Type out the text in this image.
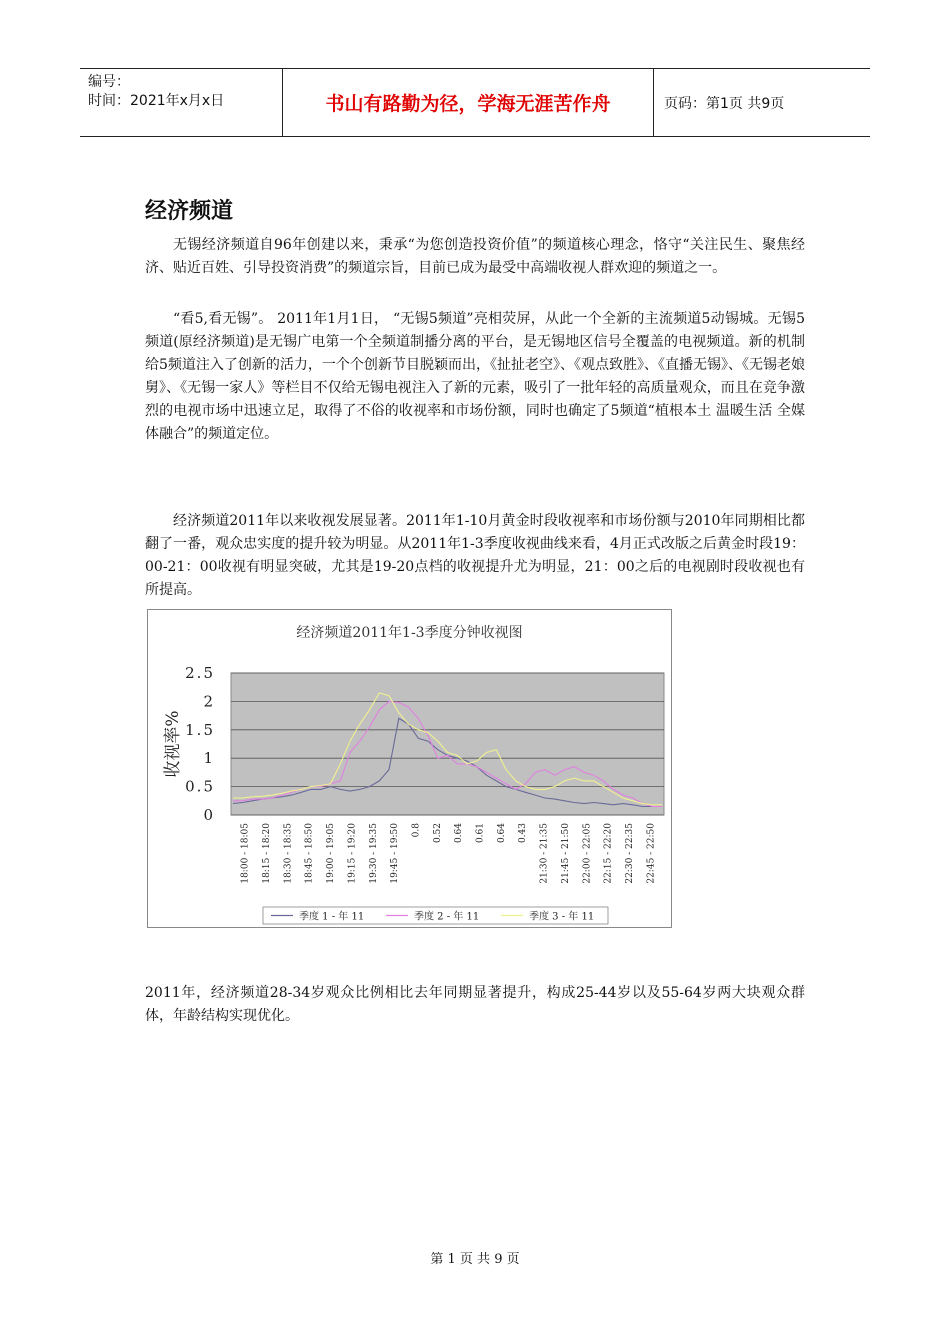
编号：
时间：2021年x月x日	书山有路勤为径，学海无涯苦作舟	页码：第1页 共9页
经济频道

无锡经济频道自96年创建以来，秉承“为您创造投资价值”的频道核心理念，恪守“关注民生、聚焦经济、贴近百姓、引导投资消费”的频道宗旨，目前已成为最受中高端收视人群欢迎的频道之一。

“看5,看无锡”。 2011年1月1日， “无锡5频道”亮相荧屏，从此一个全新的主流频道5动锡城。无锡5频道(原经济频道)是无锡广电第一个全频道制播分离的平台，是无锡地区信号全覆盖的电视频道。新的机制给5频道注入了创新的活力，一个个创新节目脱颖而出，《扯扯老空》、《观点致胜》、《直播无锡》、《无锡老娘舅》、《无锡一家人》等栏目不仅给无锡电视注入了新的元素，吸引了一批年轻的高质量观众，而且在竞争激烈的电视市场中迅速立足，取得了不俗的收视率和市场份额，同时也确定了5频道“植根本土 温暖生活 全媒体融合”的频道定位。

经济频道2011年以来收视发展显著。2011年1-10月黄金时段收视率和市场份额与2010年同期相比都翻了一番，观众忠实度的提升较为明显。从2011年1-3季度收视曲线来看，4月正式改版之后黄金时段19：00-21：00收视有明显突破，尤其是19-20点档的收视提升尤为明显，21：00之后的电视剧时段收视也有所提高。

经济频道2011年1-3季度分钟收视图
0
0.5
1
1.5
2
2.5
收视率%
18:00 - 18:05 18:15 - 18:20 18:30 - 18:35 18:45 - 18:50 19:00 - 19:05 19:15 - 19:20 19:30 - 19:35 19:45 - 19:50 0.8 0.52 0.64 0.61 0.64 0.43 21:30 - 21:35 21:45 - 21:50 22:00 - 22:05 22:15 - 22:20 22:30 - 22:35 22:45 - 22:50
季度 1 - 年 11	季度 2 - 年 11	季度 3 - 年 11

2011年，经济频道28-34岁观众比例相比去年同期显著提升，构成25-44岁以及55-64岁两大块观众群体，年龄结构实现优化。

第 1 页 共 9 页
